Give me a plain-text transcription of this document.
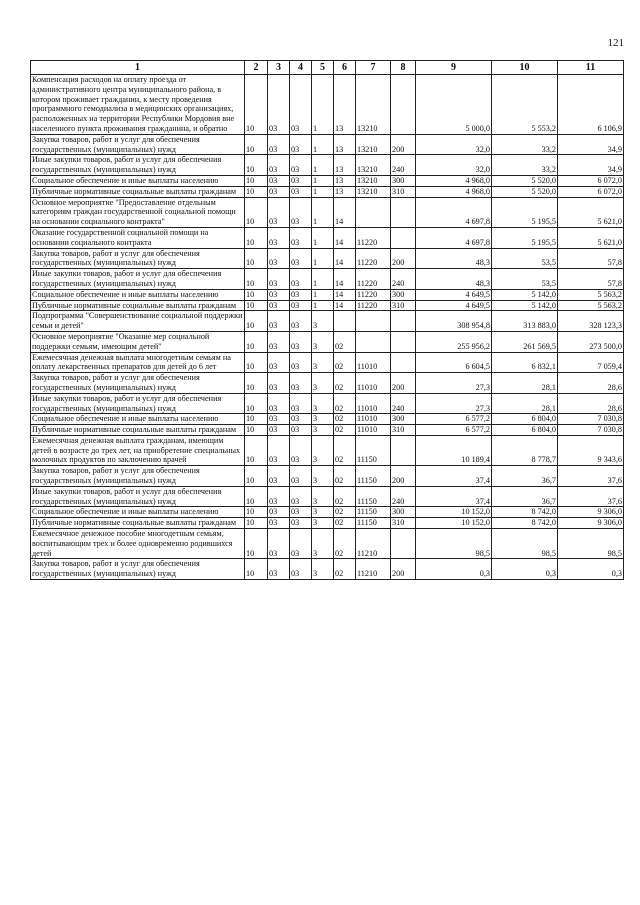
121
1	2	3	4	5	6	7	8	9	10	11
Компенсация расходов на оплату проезда от административного центра муниципального района, в котором проживает гражданин, к месту проведения программного гемодиализа в медицинских организациях, расположенных на территории Республики Мордовия вне населенного пункта проживания гражданина, и обратно	10	03	03	1	13	13210		5 000,0	5 553,2	6 106,9
Закупка товаров, работ и услуг для обеспечения государственных (муниципальных) нужд	10	03	03	1	13	13210	200	32,0	33,2	34,9
Иные закупки товаров, работ и услуг для обеспечения государственных (муниципальных) нужд	10	03	03	1	13	13210	240	32,0	33,2	34,9
Социальное обеспечение и иные выплаты населению	10	03	03	1	13	13210	300	4 968,0	5 520,0	6 072,0
Публичные нормативные социальные выплаты гражданам	10	03	03	1	13	13210	310	4 968,0	5 520,0	6 072,0
Основное мероприятие "Предоставление отдельным категориям граждан государственной социальной помощи на основании социального контракта"	10	03	03	1	14			4 697,8	5 195,5	5 621,0
Оказание государственной социальной помощи на основании социального контракта	10	03	03	1	14	11220		4 697,8	5 195,5	5 621,0
Закупка товаров, работ и услуг для обеспечения государственных (муниципальных) нужд	10	03	03	1	14	11220	200	48,3	53,5	57,8
Иные закупки товаров, работ и услуг для обеспечения государственных (муниципальных) нужд	10	03	03	1	14	11220	240	48,3	53,5	57,8
Социальное обеспечение и иные выплаты населению	10	03	03	1	14	11220	300	4 649,5	5 142,0	5 563,2
Публичные нормативные социальные выплаты гражданам	10	03	03	1	14	11220	310	4 649,5	5 142,0	5 563,2
Подпрограмма "Совершенствование социальной поддержки семьи и детей"	10	03	03	3				308 954,8	313 883,0	328 123,3
Основное мероприятие "Оказание мер социальной поддержки семьям, имеющим детей"	10	03	03	3	02			255 956,2	261 569,5	273 500,0
Ежемесячная денежная выплата многодетным семьям на оплату лекарственных препаратов для детей до 6 лет	10	03	03	3	02	11010		6 604,5	6 832,1	7 059,4
Закупка товаров, работ и услуг для обеспечения государственных (муниципальных) нужд	10	03	03	3	02	11010	200	27,3	28,1	28,6
Иные закупки товаров, работ и услуг для обеспечения государственных (муниципальных) нужд	10	03	03	3	02	11010	240	27,3	28,1	28,6
Социальное обеспечение и иные выплаты населению	10	03	03	3	02	11010	300	6 577,2	6 804,0	7 030,8
Публичные нормативные социальные выплаты гражданам	10	03	03	3	02	11010	310	6 577,2	6 804,0	7 030,8
Ежемесячная денежная выплата гражданам, имеющим детей в возрасте до трех лет, на приобретение специальных молочных продуктов по заключению врачей	10	03	03	3	02	11150		10 189,4	8 778,7	9 343,6
Закупка товаров, работ и услуг для обеспечения государственных (муниципальных) нужд	10	03	03	3	02	11150	200	37,4	36,7	37,6
Иные закупки товаров, работ и услуг для обеспечения государственных (муниципальных) нужд	10	03	03	3	02	11150	240	37,4	36,7	37,6
Социальное обеспечение и иные выплаты населению	10	03	03	3	02	11150	300	10 152,0	8 742,0	9 306,0
Публичные нормативные социальные выплаты гражданам	10	03	03	3	02	11150	310	10 152,0	8 742,0	9 306,0
Ежемесячное денежное пособие многодетным семьям, воспитывающим трех и более одновременно родившихся детей	10	03	03	3	02	11210		98,5	98,5	98,5
Закупка товаров, работ и услуг для обеспечения государственных (муниципальных) нужд	10	03	03	3	02	11210	200	0,3	0,3	0,3
